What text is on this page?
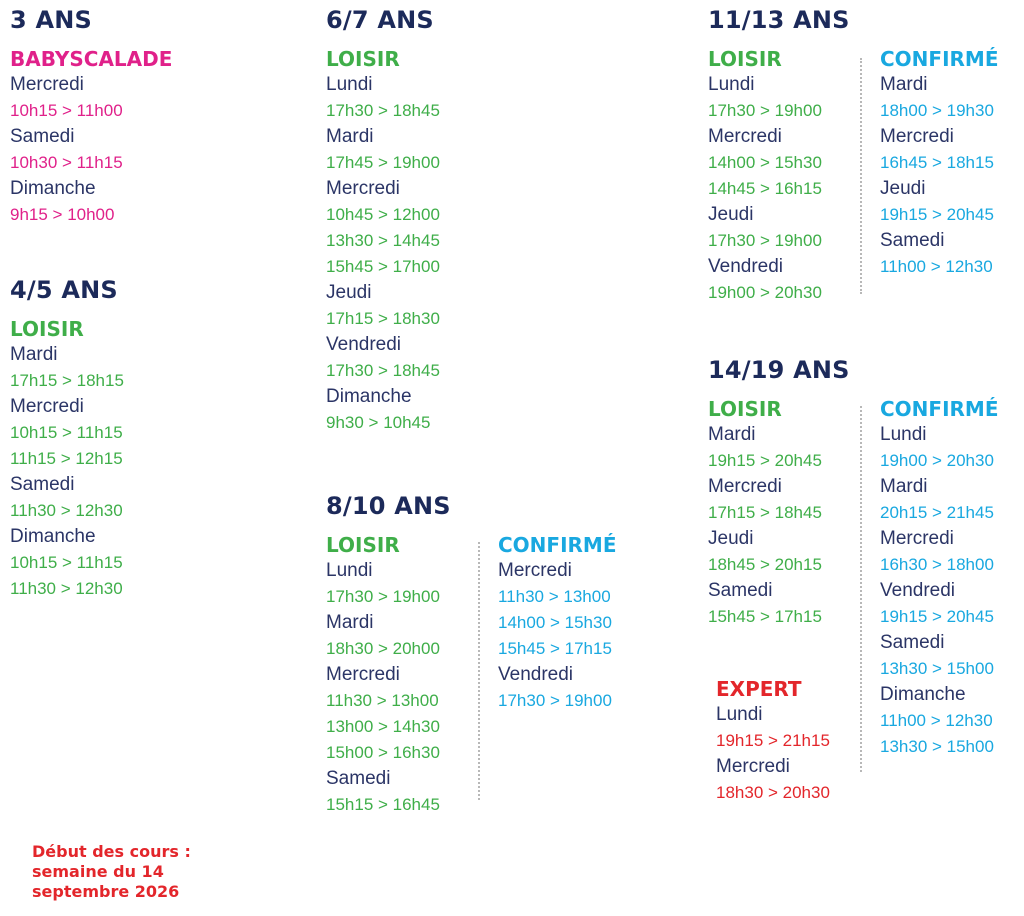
3 ANS
BABYSCALADE
Mercredi
10h15 > 11h00
Samedi
10h30 > 11h15
Dimanche
9h15 > 10h00
4/5 ANS
LOISIR
Mardi
17h15 > 18h15
Mercredi
10h15 > 11h15
11h15 > 12h15
Samedi
11h30 > 12h30
Dimanche
10h15 > 11h15
11h30 > 12h30
6/7 ANS
LOISIR
Lundi
17h30 > 18h45
Mardi
17h45 > 19h00
Mercredi
10h45 > 12h00
13h30 > 14h45
15h45 > 17h00
Jeudi
17h15 > 18h30
Vendredi
17h30 > 18h45
Dimanche
9h30 > 10h45
8/10 ANS
LOISIR
Lundi
17h30 > 19h00
Mardi
18h30 > 20h00
Mercredi
11h30 > 13h00
13h00 > 14h30
15h00 > 16h30
Samedi
15h15 > 16h45
CONFIRMÉ
Mercredi
11h30 > 13h00
14h00 > 15h30
15h45 > 17h15
Vendredi
17h30 > 19h00
11/13 ANS
LOISIR
Lundi
17h30 > 19h00
Mercredi
14h00 > 15h30
14h45 > 16h15
Jeudi
17h30 > 19h00
Vendredi
19h00 > 20h30
CONFIRMÉ
Mardi
18h00 > 19h30
Mercredi
16h45 > 18h15
Jeudi
19h15 > 20h45
Samedi
11h00 > 12h30
14/19 ANS
LOISIR
Mardi
19h15 > 20h45
Mercredi
17h15 > 18h45
Jeudi
18h45 > 20h15
Samedi
15h45 > 17h15
EXPERT
Lundi
19h15 > 21h15
Mercredi
18h30 > 20h30
CONFIRMÉ
Lundi
19h00 > 20h30
Mardi
20h15 > 21h45
Mercredi
16h30 > 18h00
Vendredi
19h15 > 20h45
Samedi
13h30 > 15h00
Dimanche
11h00 > 12h30
13h30 > 15h00
Début des cours :
semaine du 14
septembre 2026
